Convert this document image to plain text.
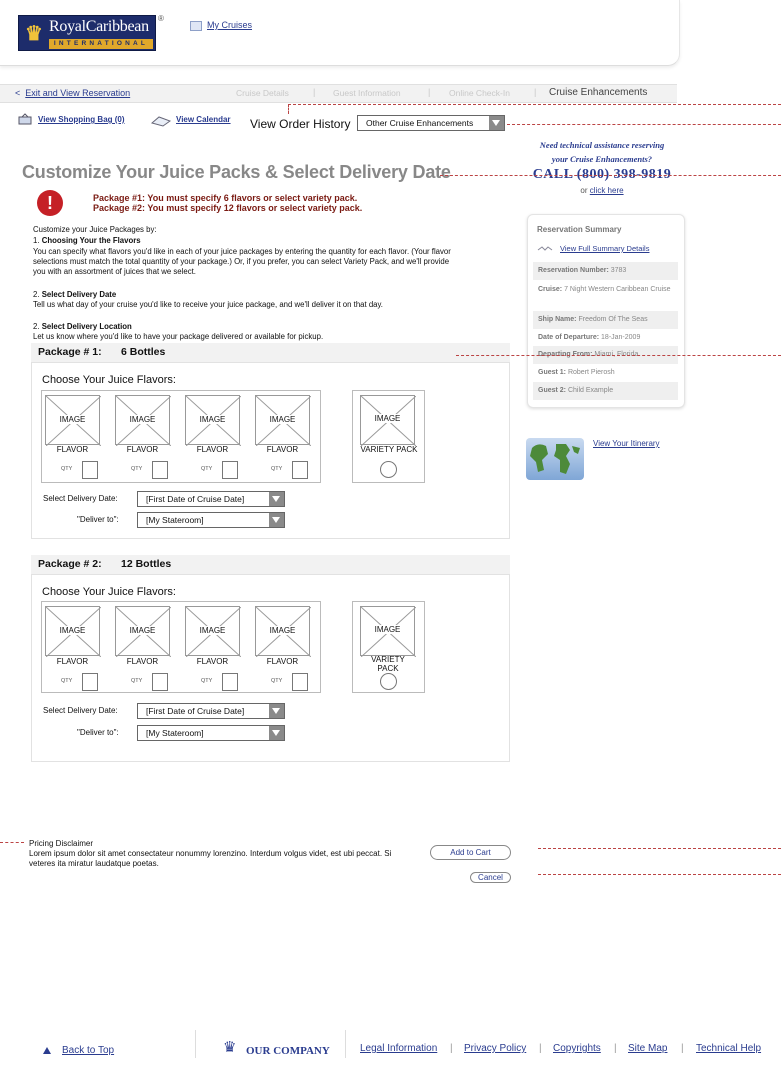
♛ RoyalCaribbean
INTERNATIONAL
®
My Cruises
< Exit and View Reservation	Cruise Details	| Guest Information	| Online Check-In	| Cruise Enhancements
View Shopping Bag (0)	View Calendar View Order History	Other Cruise Enhancements
Customize Your Juice Packs & Select Delivery Date
!	Package #1: You must specify 6 flavors or select variety pack.
Package #2: You must specify 12 flavors or select variety pack.
Customize your Juice Packages by:
1. Choosing Your the Flavors
You can specify what flavors you'd like in each of your juice packages by entering the quantity for each flavor. (Your flavor selections must match the total quantity of your package.) Or, if you prefer, you can select Variety Pack, and we'll provide you with an assortment of juices that we select.
2. Select Delivery Date
Tell us what day of your cruise you'd like to receive your juice package, and we'll deliver it on that day.
2. Select Delivery Location
Let us know where you'd like to have your package delivered or available for pickup.
Package # 1: 6 Bottles
Choose Your Juice Flavors:
IMAGE
FLAVOR
QTY
IMAGE
FLAVOR
QTY
IMAGE
FLAVOR
QTY
IMAGE
FLAVOR
QTY
IMAGE
VARIETY PACK
Select Delivery Date:	[First Date of Cruise Date]
"Deliver to":	[My Stateroom]
Package # 2: 12 Bottles
Choose Your Juice Flavors:
IMAGE
FLAVOR
QTY
IMAGE
FLAVOR
QTY
IMAGE
FLAVOR
QTY
IMAGE
FLAVOR
QTY
IMAGE
VARIETY PACK
Select Delivery Date:	[First Date of Cruise Date]
"Deliver to":	[My Stateroom]
Need technical assistance reserving
your Cruise Enhancements?
CALL (800) 398-9819
or click here
Reservation Summary
View Full Summary Details
Reservation Number: 3783
Cruise: 7 Night Western Caribbean Cruise
Ship Name: Freedom Of The Seas
Date of Departure: 18-Jan-2009
Departing From: Miami, Florida
Guest 1: Robert Pierosh
Guest 2: Child Example
View Your Itinerary
Pricing Disclaimer
Lorem ipsum dolor sit amet consectateur nonummy lorenzino. Interdum volgus videt, est ubi peccat. Si veteres ita miratur laudatque poetas.
Add to Cart
Cancel
Back to Top	♛ OUR COMPANY	Legal Information | Privacy Policy | Copyrights | Site Map | Technical Help
